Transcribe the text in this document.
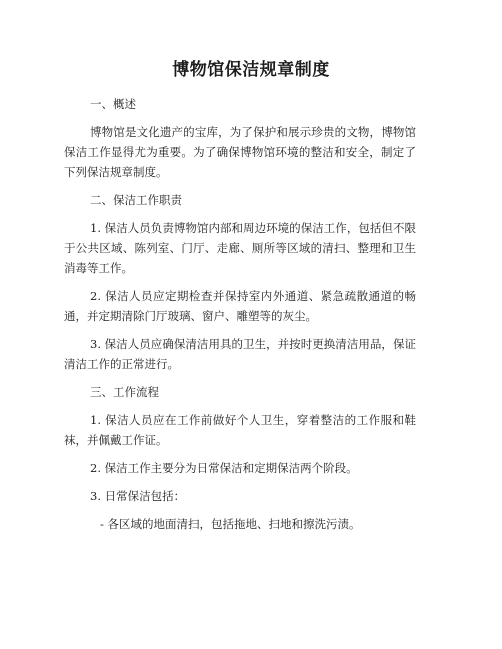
博物馆保洁规章制度
一、概述
博物馆是文化遗产的宝库，为了保护和展示珍贵的文物，博物馆保洁工作显得尤为重要。为了确保博物馆环境的整洁和安全，制定了下列保洁规章制度。
二、保洁工作职责
1. 保洁人员负责博物馆内部和周边环境的保洁工作，包括但不限于公共区域、陈列室、门厅、走廊、厕所等区域的清扫、整理和卫生消毒等工作。
2. 保洁人员应定期检查并保持室内外通道、紧急疏散通道的畅通，并定期清除门厅玻璃、窗户、雕塑等的灰尘。
3. 保洁人员应确保清洁用具的卫生，并按时更换清洁用品，保证清洁工作的正常进行。
三、工作流程
1. 保洁人员应在工作前做好个人卫生，穿着整洁的工作服和鞋袜，并佩戴工作证。
2. 保洁工作主要分为日常保洁和定期保洁两个阶段。
3. 日常保洁包括：
- 各区域的地面清扫，包括拖地、扫地和擦洗污渍。
